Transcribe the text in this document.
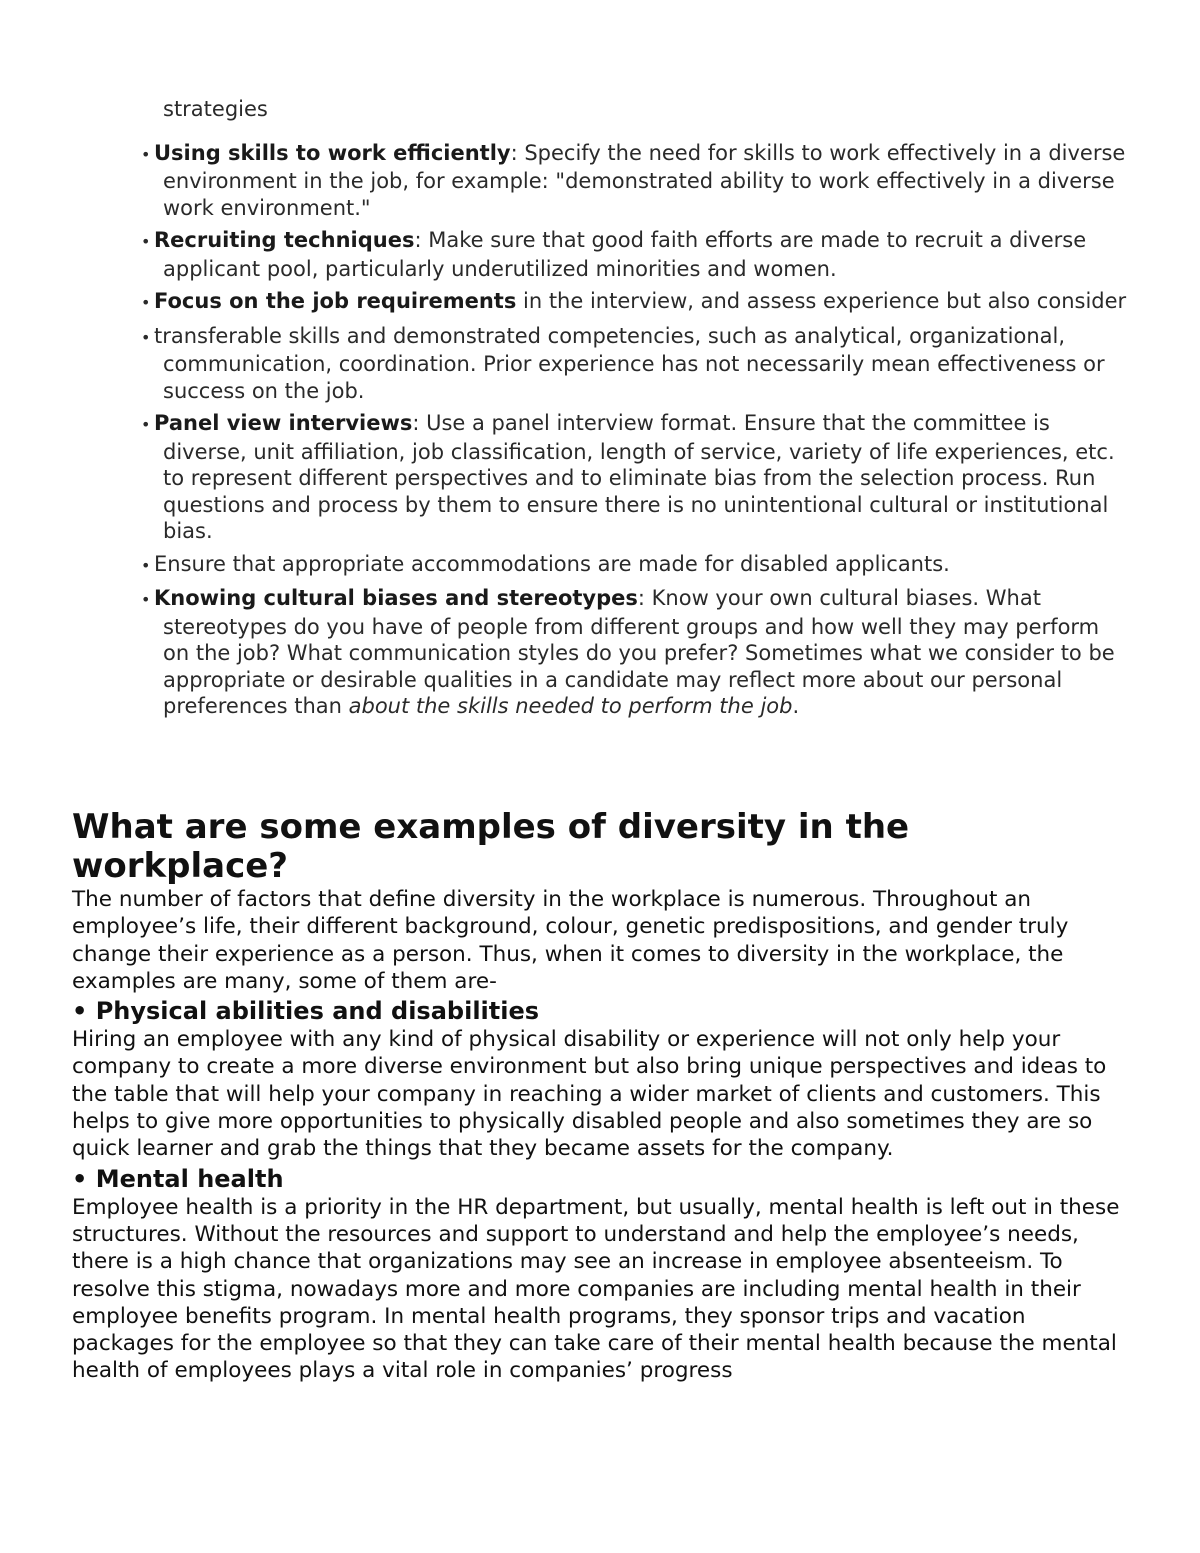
strategies
• Using skills to work efficiently: Specify the need for skills to work effectively in a diverse environment in the job, for example: "demonstrated ability to work effectively in a diverse work environment."
• Recruiting techniques: Make sure that good faith efforts are made to recruit a diverse applicant pool, particularly underutilized minorities and women.
• Focus on the job requirements in the interview, and assess experience but also consider
• transferable skills and demonstrated competencies, such as analytical, organizational, communication, coordination. Prior experience has not necessarily mean effectiveness or success on the job.
• Panel view interviews: Use a panel interview format. Ensure that the committee is diverse, unit affiliation, job classification, length of service, variety of life experiences, etc. to represent different perspectives and to eliminate bias from the selection process. Run questions and process by them to ensure there is no unintentional cultural or institutional bias.
• Ensure that appropriate accommodations are made for disabled applicants.
• Knowing cultural biases and stereotypes: Know your own cultural biases. What stereotypes do you have of people from different groups and how well they may perform on the job? What communication styles do you prefer? Sometimes what we consider to be appropriate or desirable qualities in a candidate may reflect more about our personal preferences than about the skills needed to perform the job.
What are some examples of diversity in the workplace?

The number of factors that define diversity in the workplace is numerous. Throughout an employee’s life, their different background, colour, genetic predispositions, and gender truly change their experience as a person. Thus, when it comes to diversity in the workplace, the examples are many, some of them are-

• Physical abilities and disabilities

Hiring an employee with any kind of physical disability or experience will not only help your company to create a more diverse environment but also bring unique perspectives and ideas to the table that will help your company in reaching a wider market of clients and customers. This helps to give more opportunities to physically disabled people and also sometimes they are so quick learner and grab the things that they became assets for the company.

• Mental health

Employee health is a priority in the HR department, but usually, mental health is left out in these structures. Without the resources and support to understand and help the employee’s needs, there is a high chance that organizations may see an increase in employee absenteeism. To resolve this stigma, nowadays more and more companies are including mental health in their employee benefits program. In mental health programs, they sponsor trips and vacation packages for the employee so that they can take care of their mental health because the mental health of employees plays a vital role in companies’ progress
